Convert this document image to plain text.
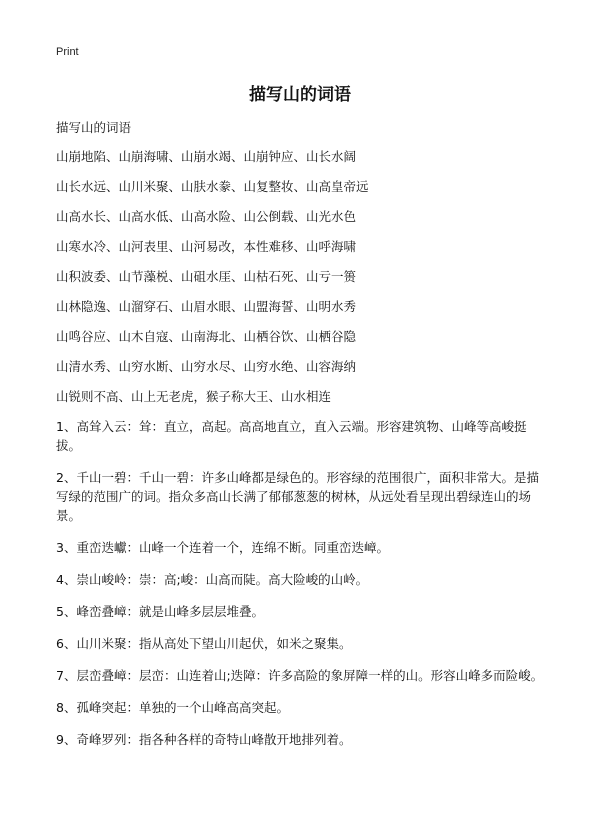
Print
描写山的词语
描写山的词语
山崩地陷、山崩海啸、山崩水竭、山崩钟应、山长水阔
山长水远、山川米聚、山肤水豢、山复整妆、山高皇帝远
山高水长、山高水低、山高水险、山公倒载、山光水色
山寒水冷、山河表里、山河易改，本性难移、山呼海啸
山积波委、山节藻棁、山砠水厓、山枯石死、山亏一篑
山林隐逸、山溜穿石、山眉水眼、山盟海誓、山明水秀
山鸣谷应、山木自寇、山南海北、山栖谷饮、山栖谷隐
山清水秀、山穷水断、山穷水尽、山穷水绝、山容海纳
山锐则不高、山上无老虎，猴子称大王、山水相连
1、高耸入云：耸：直立，高起。高高地直立，直入云端。形容建筑物、山峰等高峻挺拔。
2、千山一碧：千山一碧：许多山峰都是绿色的。形容绿的范围很广，面积非常大。是描写绿的范围广的词。指众多高山长满了郁郁葱葱的树林，从远处看呈现出碧绿连山的场景。
3、重峦迭巘：山峰一个连着一个，连绵不断。同重峦迭嶂。
4、崇山峻岭：崇：高;峻：山高而陡。高大险峻的山岭。
5、峰峦叠嶂：就是山峰多层层堆叠。
6、山川米聚：指从高处下望山川起伏，如米之聚集。
7、层峦叠嶂：层峦：山连着山;迭障：许多高险的象屏障一样的山。形容山峰多而险峻。
8、孤峰突起：单独的一个山峰高高突起。
9、奇峰罗列：指各种各样的奇特山峰散开地排列着。
